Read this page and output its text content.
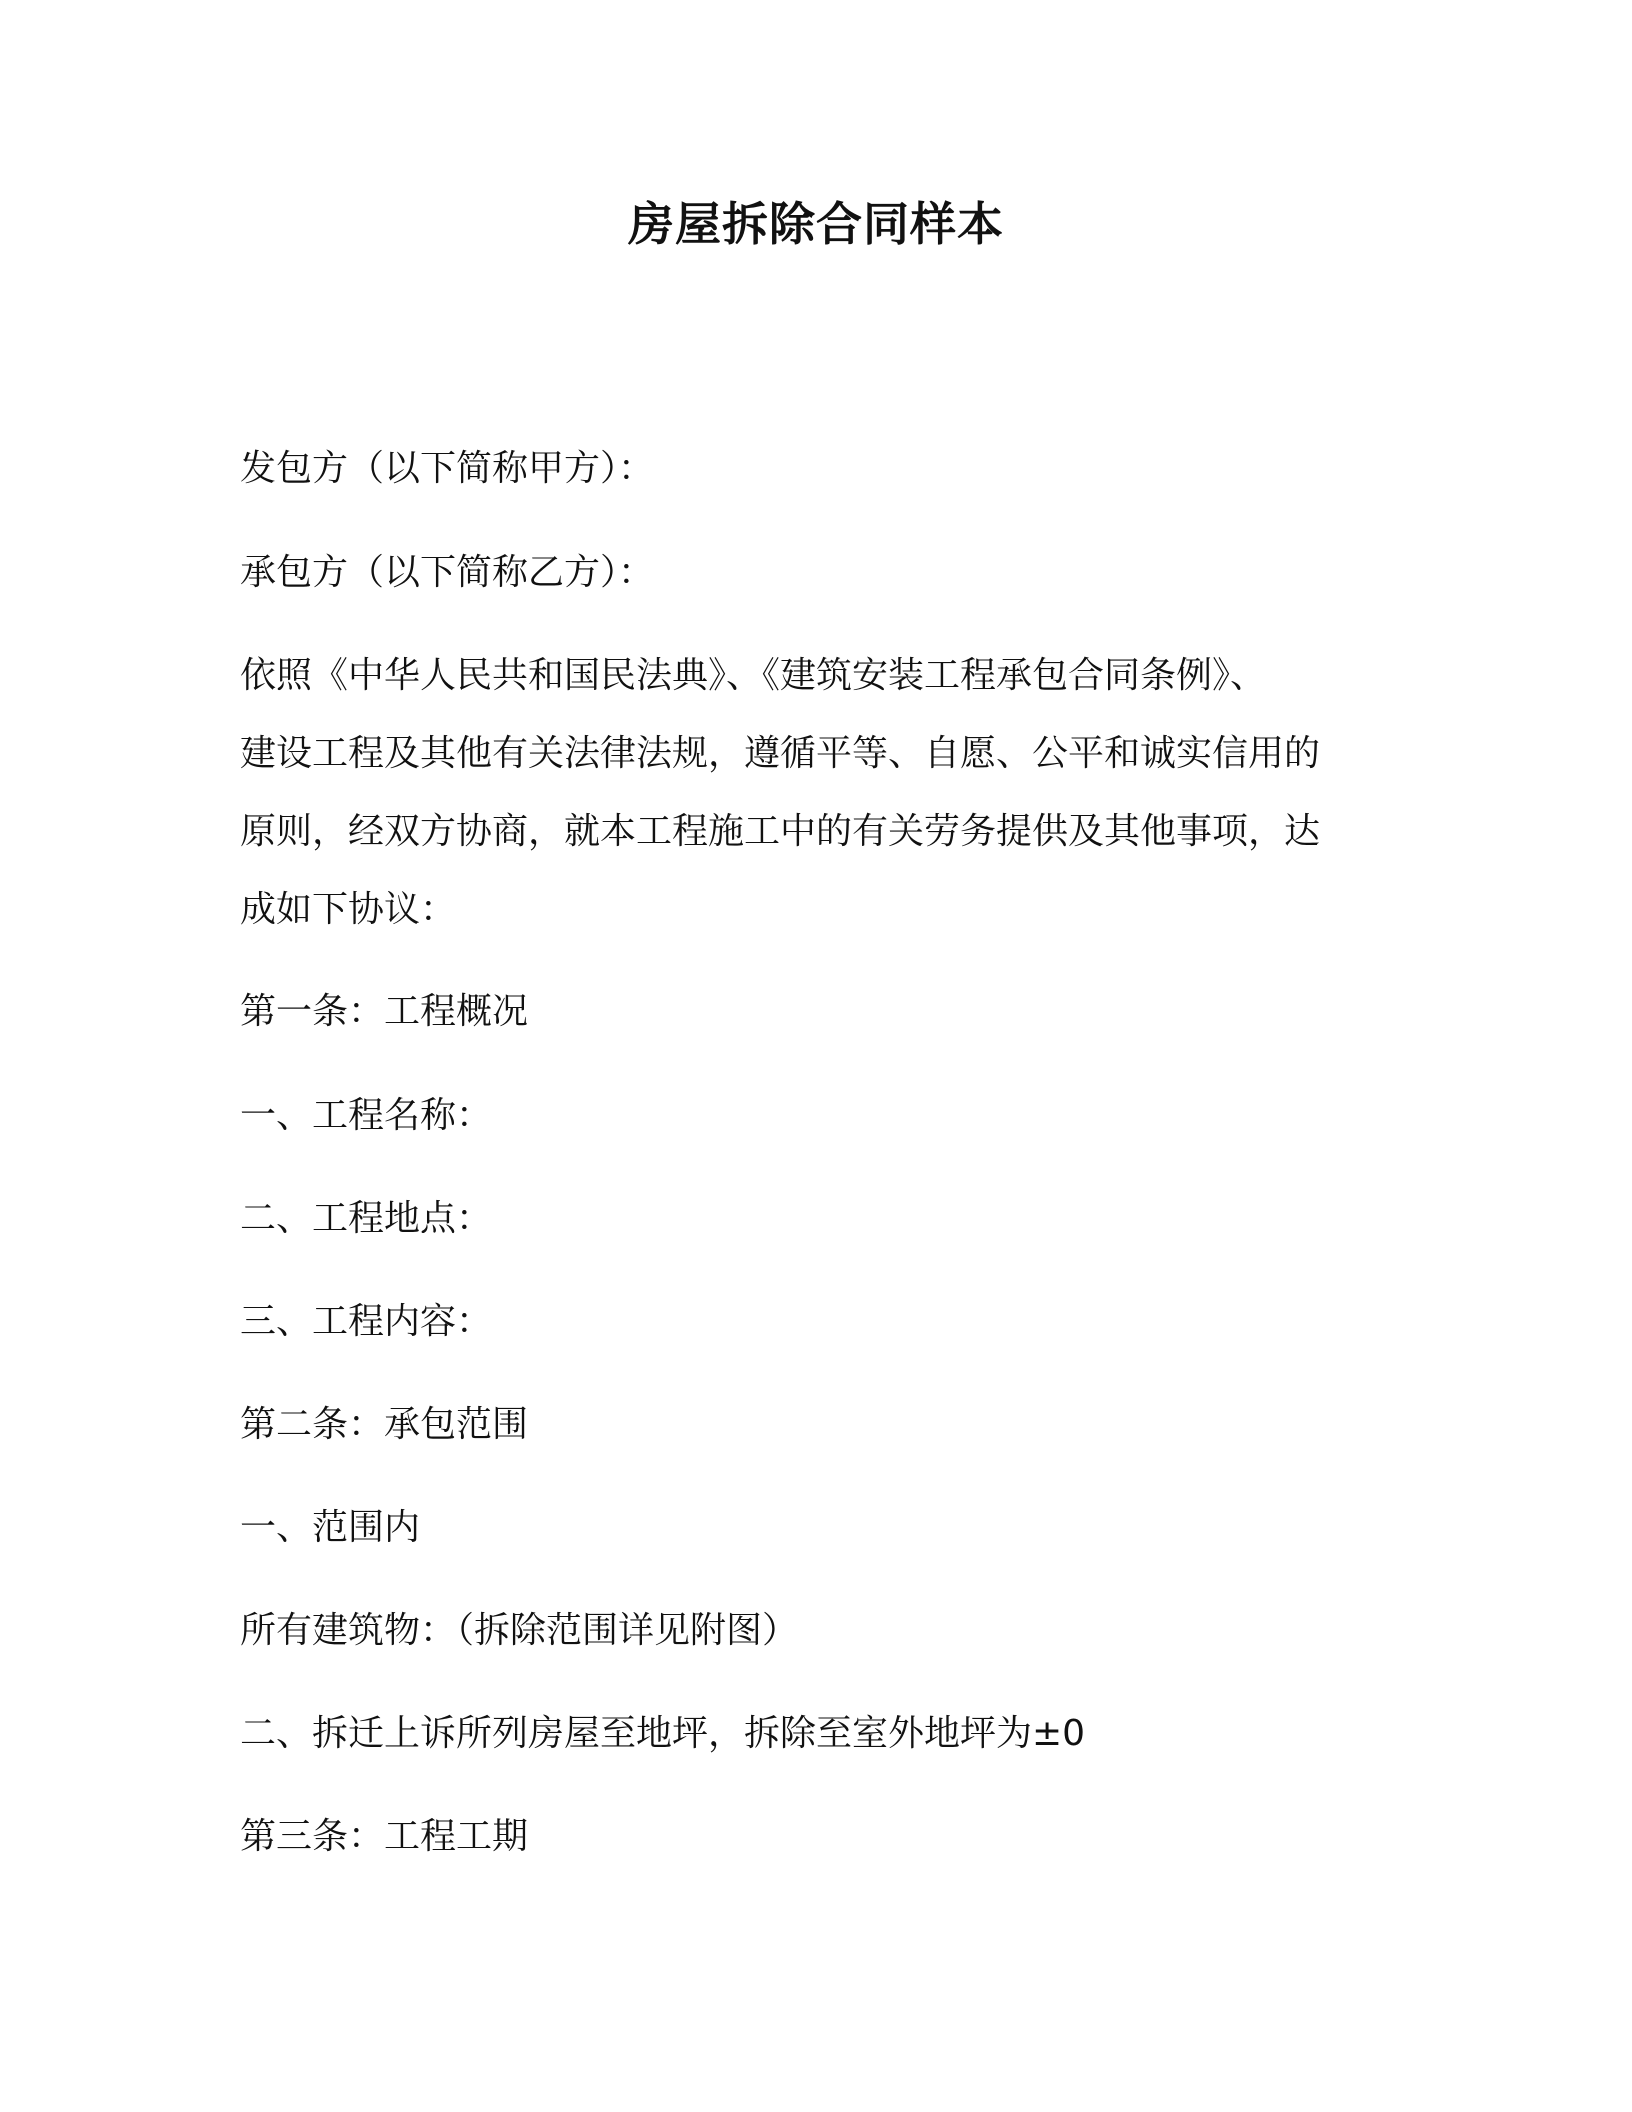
房屋拆除合同样本
发包方（以下简称甲方）：
承包方（以下简称乙方）：
依照《中华人民共和国民法典》、《建筑安装工程承包合同条例》、
建设工程及其他有关法律法规，遵循平等、自愿、公平和诚实信用的
原则，经双方协商，就本工程施工中的有关劳务提供及其他事项，达
成如下协议：
第一条：工程概况
一、工程名称：
二、工程地点：
三、工程内容：
第二条：承包范围
一、范围内
所有建筑物：（拆除范围详见附图）
二、拆迁上诉所列房屋至地坪，拆除至室外地坪为±0
第三条：工程工期
